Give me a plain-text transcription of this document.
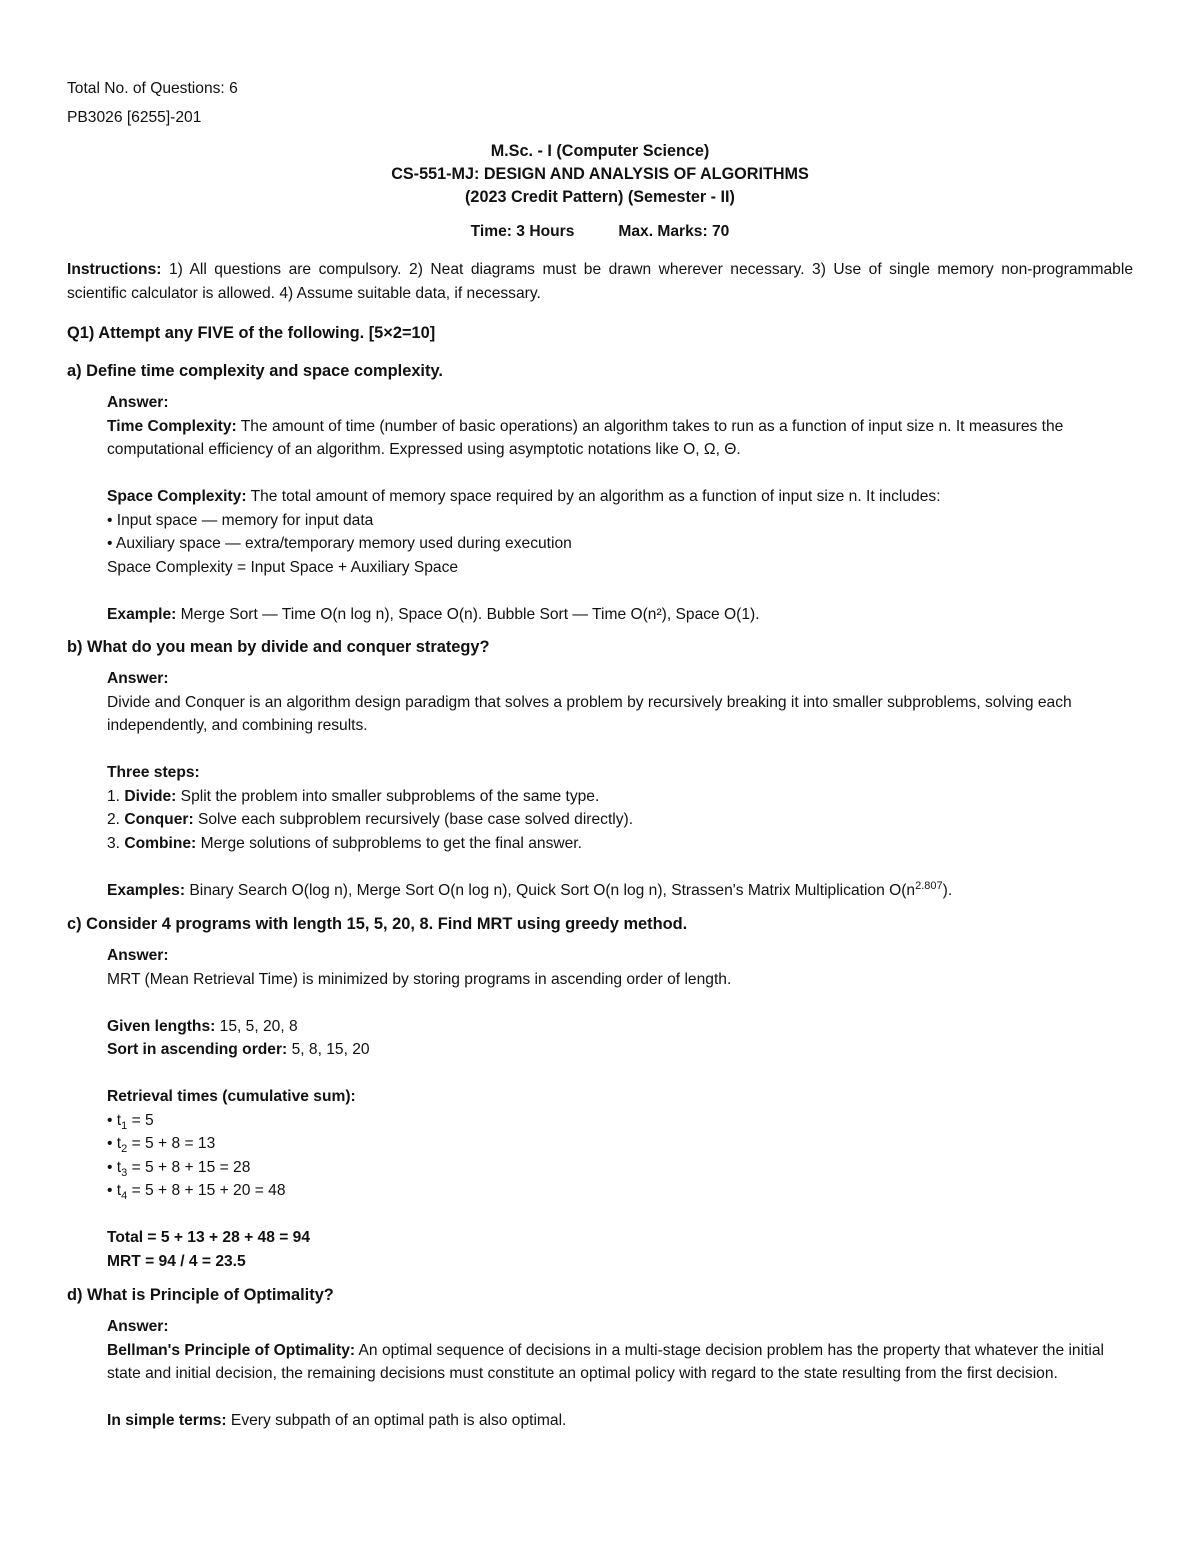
Total No. of Questions: 6

PB3026 [6255]-201

M.Sc. - I (Computer Science)

CS-551-MJ: DESIGN AND ANALYSIS OF ALGORITHMS

(2023 Credit Pattern) (Semester - II)

Time: 3 Hours	Max. Marks: 70
Instructions: 1) All questions are compulsory. 2) Neat diagrams must be drawn wherever necessary. 3) Use of single memory non-programmable scientific calculator is allowed. 4) Assume suitable data, if necessary.

Q1) Attempt any FIVE of the following. [5×2=10]

a) Define time complexity and space complexity.

Answer:

Time Complexity: The amount of time (number of basic operations) an algorithm takes to run as a function of input size n. It measures the computational efficiency of an algorithm. Expressed using asymptotic notations like O, Ω, Θ.

Space Complexity: The total amount of memory space required by an algorithm as a function of input size n. It includes:

• Input space — memory for input data

• Auxiliary space — extra/temporary memory used during execution

Space Complexity = Input Space + Auxiliary Space

Example: Merge Sort — Time O(n log n), Space O(n). Bubble Sort — Time O(n²), Space O(1).

b) What do you mean by divide and conquer strategy?

Answer:

Divide and Conquer is an algorithm design paradigm that solves a problem by recursively breaking it into smaller subproblems, solving each independently, and combining results.

Three steps:

1. Divide: Split the problem into smaller subproblems of the same type.

2. Conquer: Solve each subproblem recursively (base case solved directly).

3. Combine: Merge solutions of subproblems to get the final answer.

Examples: Binary Search O(log n), Merge Sort O(n log n), Quick Sort O(n log n), Strassen's Matrix Multiplication $O(n^{2.807})$.

c) Consider 4 programs with length 15, 5, 20, 8. Find MRT using greedy method.

Answer:

MRT (Mean Retrieval Time) is minimized by storing programs in ascending order of length.

Given lengths: 15, 5, 20, 8

Sort in ascending order: 5, 8, 15, 20

Retrieval times (cumulative sum):

• $t_1 = 5$

• $t_2 = 5 + 8 = 13$

• $t_3 = 5 + 8 + 15 = 28$

• $t_4 = 5 + 8 + 15 + 20 = 48$

Total = 5 + 13 + 28 + 48 = 94

MRT = 94 / 4 = 23.5

d) What is Principle of Optimality?

Answer:

Bellman's Principle of Optimality: An optimal sequence of decisions in a multi-stage decision problem has the property that whatever the initial state and initial decision, the remaining decisions must constitute an optimal policy with regard to the state resulting from the first decision.

In simple terms: Every subpath of an optimal path is also optimal.
